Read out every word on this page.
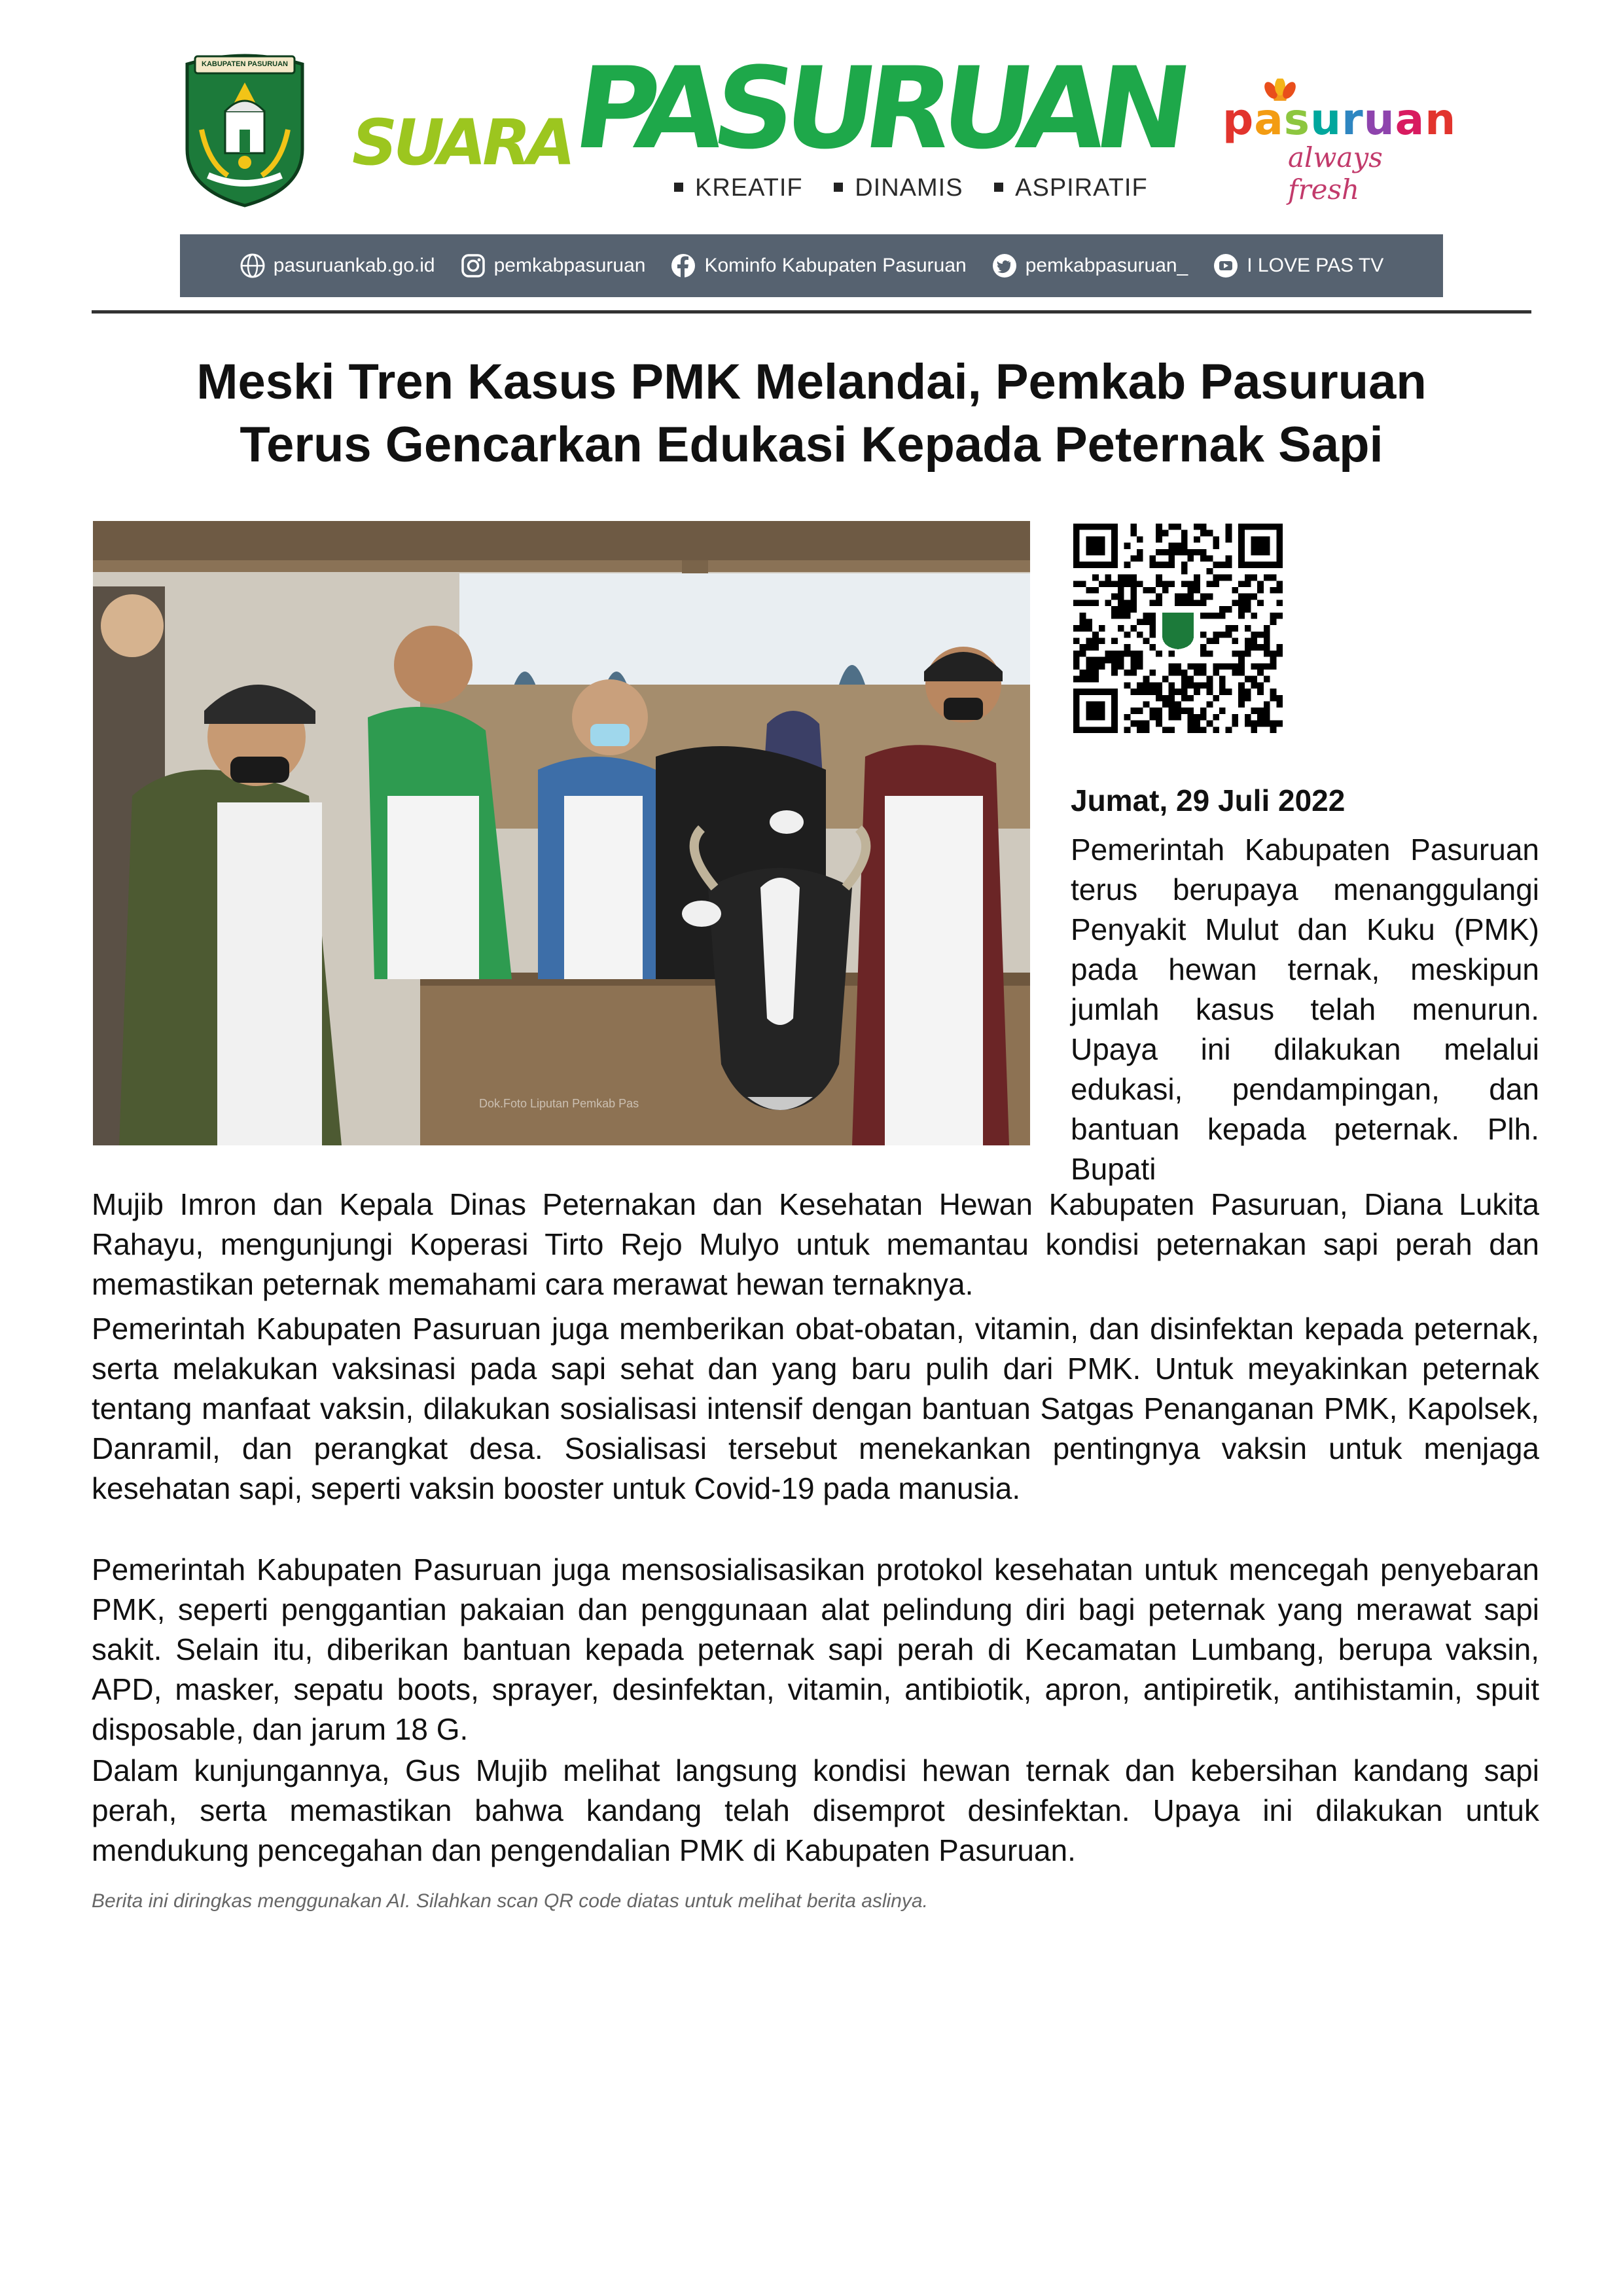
KABUPATEN PASURUAN
SUARA
PASURUAN
KREATIF DINAMIS ASPIRATIF
pasuruan
always fresh
pasuruankab.go.id	pemkabpasuruan	Kominfo Kabupaten Pasuruan	pemkabpasuruan_	I LOVE PAS TV
Meski Tren Kasus PMK Melandai, Pemkab Pasuruan
Terus Gencarkan Edukasi Kepada Peternak Sapi
Dok.Foto Liputan Pemkab Pas
Jumat, 29 Juli 2022

Pemerintah Kabupaten Pasuruan terus berupaya menanggulangi Penyakit Mulut dan Kuku (PMK) pada hewan ternak, meskipun jumlah kasus telah menurun. Upaya ini dilakukan melalui edukasi, pendampingan, dan bantuan kepada peternak. Plh. Bupati

Mujib Imron dan Kepala Dinas Peternakan dan Kesehatan Hewan Kabupaten Pasuruan, Diana Lukita Rahayu, mengunjungi Koperasi Tirto Rejo Mulyo untuk memantau kondisi peternakan sapi perah dan memastikan peternak memahami cara merawat hewan ternaknya.

Pemerintah Kabupaten Pasuruan juga memberikan obat-obatan, vitamin, dan disinfektan kepada peternak, serta melakukan vaksinasi pada sapi sehat dan yang baru pulih dari PMK. Untuk meyakinkan peternak tentang manfaat vaksin, dilakukan sosialisasi intensif dengan bantuan Satgas Penanganan PMK, Kapolsek, Danramil, dan perangkat desa. Sosialisasi tersebut menekankan pentingnya vaksin untuk menjaga kesehatan sapi, seperti vaksin booster untuk Covid-19 pada manusia.

Pemerintah Kabupaten Pasuruan juga mensosialisasikan protokol kesehatan untuk mencegah penyebaran PMK, seperti penggantian pakaian dan penggunaan alat pelindung diri bagi peternak yang merawat sapi sakit. Selain itu, diberikan bantuan kepada peternak sapi perah di Kecamatan Lumbang, berupa vaksin, APD, masker, sepatu boots, sprayer, desinfektan, vitamin, antibiotik, apron, antipiretik, antihistamin, spuit disposable, dan jarum 18 G.

Dalam kunjungannya, Gus Mujib melihat langsung kondisi hewan ternak dan kebersihan kandang sapi perah, serta memastikan bahwa kandang telah disemprot desinfektan. Upaya ini dilakukan untuk mendukung pencegahan dan pengendalian PMK di Kabupaten Pasuruan.

Berita ini diringkas menggunakan AI. Silahkan scan QR code diatas untuk melihat berita aslinya.
